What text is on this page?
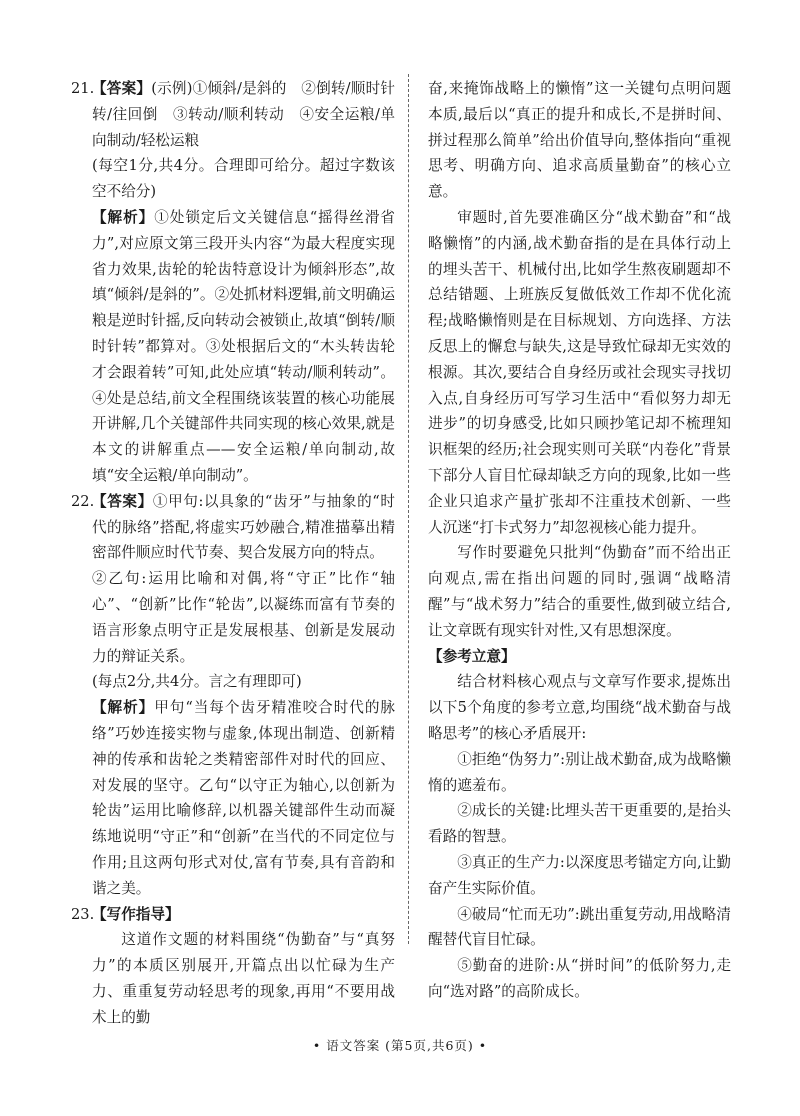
21.

【答案】(示例)①倾斜/是斜的　②倒转/顺时针转/往回倒　③转动/顺利转动　④安全运粮/单向制动/轻松运粮

(每空1分,共4分。合理即可给分。超过字数该空不给分)

【解析】①处锁定后文关键信息“摇得丝滑省力”,对应原文第三段开头内容“为最大程度实现省力效果,齿轮的轮齿特意设计为倾斜形态”,故填“倾斜/是斜的”。②处抓材料逻辑,前文明确运粮是逆时针摇,反向转动会被锁止,故填“倒转/顺时针转”都算对。③处根据后文的“木头转齿轮才会跟着转”可知,此处应填“转动/顺利转动”。④处是总结,前文全程围绕该装置的核心功能展开讲解,几个关键部件共同实现的核心效果,就是本文的讲解重点——安全运粮/单向制动,故填“安全运粮/单向制动”。

22.

【答案】①甲句:以具象的“齿牙”与抽象的“时代的脉络”搭配,将虚实巧妙融合,精准描摹出精密部件顺应时代节奏、契合发展方向的特点。

②乙句:运用比喻和对偶,将“守正”比作“轴心”、“创新”比作“轮齿”,以凝练而富有节奏的语言形象点明守正是发展根基、创新是发展动力的辩证关系。

(每点2分,共4分。言之有理即可)

【解析】甲句“当每个齿牙精准咬合时代的脉络”巧妙连接实物与虚象,体现出制造、创新精神的传承和齿轮之类精密部件对时代的回应、对发展的坚守。乙句“以守正为轴心,以创新为轮齿”运用比喻修辞,以机器关键部件生动而凝练地说明“守正”和“创新”在当代的不同定位与作用;且这两句形式对仗,富有节奏,具有音韵和谐之美。

23.

【写作指导】

这道作文题的材料围绕“伪勤奋”与“真努力”的本质区别展开,开篇点出以忙碌为生产力、重重复劳动轻思考的现象,再用“不要用战术上的勤

奋,来掩饰战略上的懒惰”这一关键句点明问题本质,最后以“真正的提升和成长,不是拼时间、拼过程那么简单”给出价值导向,整体指向“重视思考、明确方向、追求高质量勤奋”的核心立意。

审题时,首先要准确区分“战术勤奋”和“战略懒惰”的内涵,战术勤奋指的是在具体行动上的埋头苦干、机械付出,比如学生熬夜刷题却不总结错题、上班族反复做低效工作却不优化流程;战略懒惰则是在目标规划、方向选择、方法反思上的懈怠与缺失,这是导致忙碌却无实效的根源。其次,要结合自身经历或社会现实寻找切入点,自身经历可写学习生活中“看似努力却无进步”的切身感受,比如只顾抄笔记却不梳理知识框架的经历;社会现实则可关联“内卷化”背景下部分人盲目忙碌却缺乏方向的现象,比如一些企业只追求产量扩张却不注重技术创新、一些人沉迷“打卡式努力”却忽视核心能力提升。

写作时要避免只批判“伪勤奋”而不给出正向观点,需在指出问题的同时,强调“战略清醒”与“战术努力”结合的重要性,做到破立结合,让文章既有现实针对性,又有思想深度。

【参考立意】

结合材料核心观点与文章写作要求,提炼出以下5个角度的参考立意,均围绕“战术勤奋与战略思考”的核心矛盾展开:

①拒绝“伪努力”:别让战术勤奋,成为战略懒惰的遮羞布。

②成长的关键:比埋头苦干更重要的,是抬头看路的智慧。

③真正的生产力:以深度思考锚定方向,让勤奋产生实际价值。

④破局“忙而无功”:跳出重复劳动,用战略清醒替代盲目忙碌。

⑤勤奋的进阶:从“拼时间”的低阶努力,走向“选对路”的高阶成长。

• 语文答案 (第5页,共6页) •
